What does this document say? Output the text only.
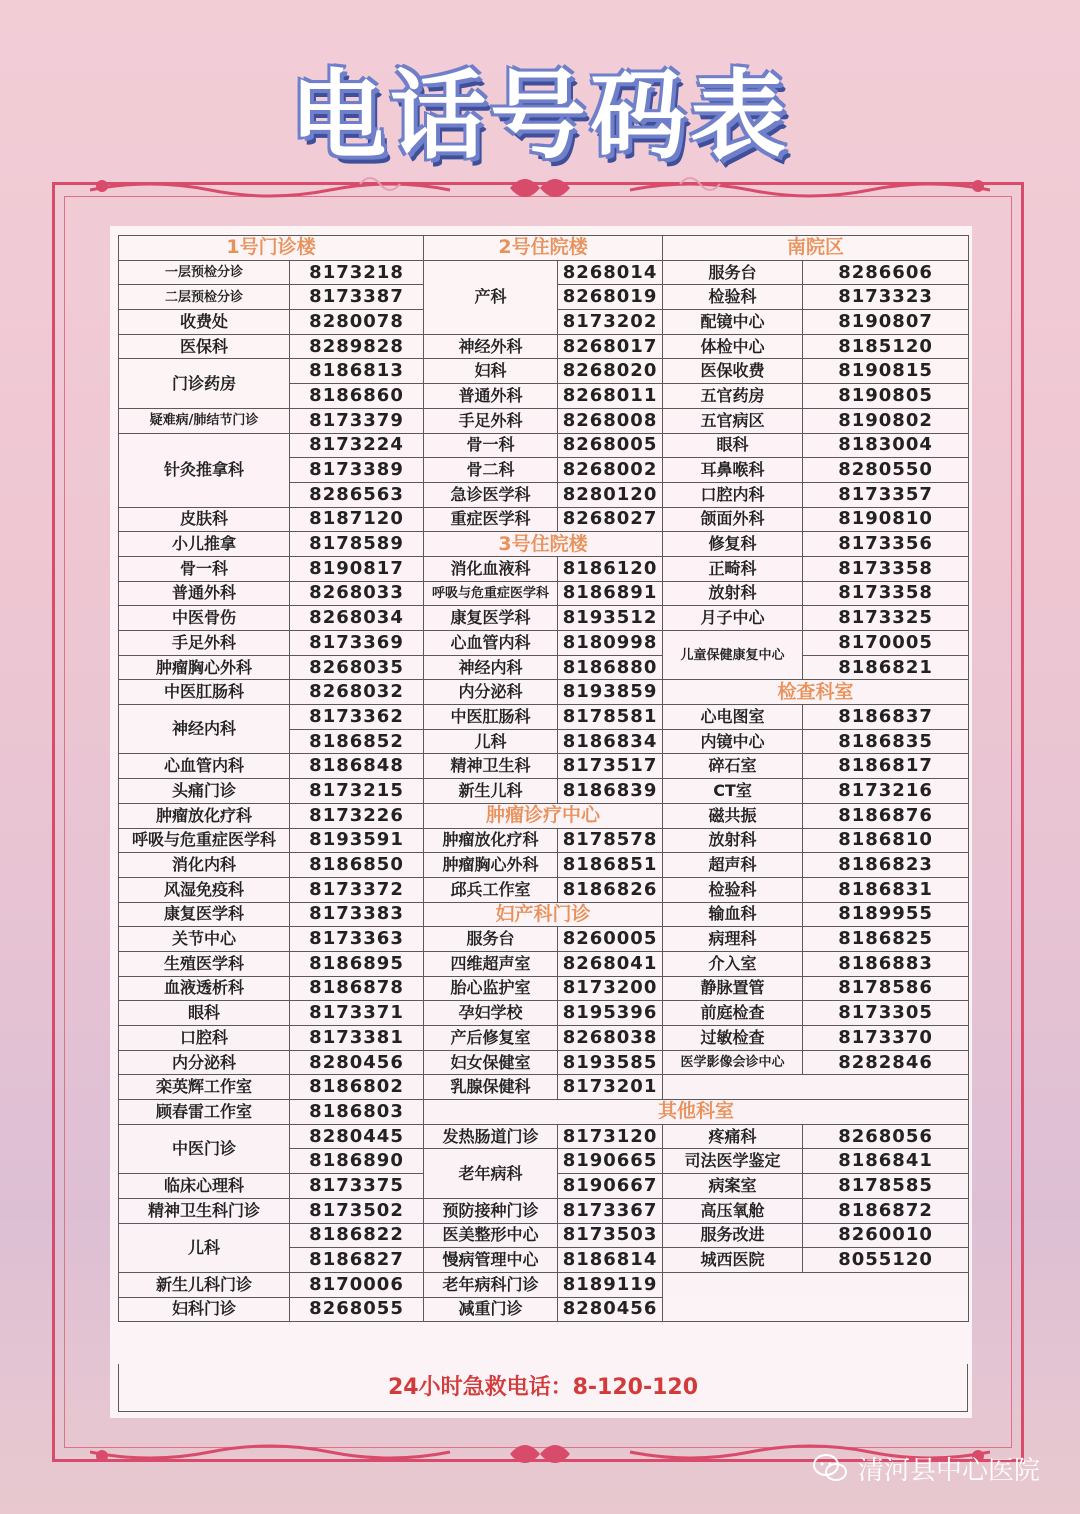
电话号码表
1号门诊楼		2号住院楼		南院区	
一层预检分诊	8173218	产科	8268014	服务台	8286606
二层预检分诊	8173387		8268019	检验科	8173323
收费处	8280078		8173202	配镜中心	8190807
医保科	8289828	神经外科	8268017	体检中心	8185120
门诊药房	8186813	妇科	8268020	医保收费	8190815
	8186860	普通外科	8268011	五官药房	8190805
疑难病/肺结节门诊	8173379	手足外科	8268008	五官病区	8190802
针灸推拿科	8173224	骨一科	8268005	眼科	8183004
	8173389	骨二科	8268002	耳鼻喉科	8280550
	8286563	急诊医学科	8280120	口腔内科	8173357
皮肤科	8187120	重症医学科	8268027	颌面外科	8190810
小儿推拿	8178589	3号住院楼		修复科	8173356
骨一科	8190817	消化血液科	8186120	正畸科	8173358
普通外科	8268033	呼吸与危重症医学科	8186891	放射科	8173358
中医骨伤	8268034	康复医学科	8193512	月子中心	8173325
手足外科	8173369	心血管内科	8180998	儿童保健康复中心	8170005
肿瘤胸心外科	8268035	神经内科	8186880		8186821
中医肛肠科	8268032	内分泌科	8193859	检查科室	
神经内科	8173362	中医肛肠科	8178581	心电图室	8186837
	8186852	儿科	8186834	内镜中心	8186835
心血管内科	8186848	精神卫生科	8173517	碎石室	8186817
头痛门诊	8173215	新生儿科	8186839	CT室	8173216
肿瘤放化疗科	8173226	肿瘤诊疗中心		磁共振	8186876
呼吸与危重症医学科	8193591	肿瘤放化疗科	8178578	放射科	8186810
消化内科	8186850	肿瘤胸心外科	8186851	超声科	8186823
风湿免疫科	8173372	邱兵工作室	8186826	检验科	8186831
康复医学科	8173383	妇产科门诊		输血科	8189955
关节中心	8173363	服务台	8260005	病理科	8186825
生殖医学科	8186895	四维超声室	8268041	介入室	8186883
血液透析科	8186878	胎心监护室	8173200	静脉置管	8178586
眼科	8173371	孕妇学校	8195396	前庭检查	8173305
口腔科	8173381	产后修复室	8268038	过敏检查	8173370
内分泌科	8280456	妇女保健室	8193585	医学影像会诊中心	8282846
栾英辉工作室	8186802	乳腺保健科	8173201		
顾春雷工作室	8186803	其他科室			
中医门诊	8280445	发热肠道门诊	8173120	疼痛科	8268056
	8186890	老年病科	8190665	司法医学鉴定	8186841
临床心理科	8173375		8190667	病案室	8178585
精神卫生科门诊	8173502	预防接种门诊	8173367	高压氧舱	8186872
儿科	8186822	医美整形中心	8173503	服务改进	8260010
	8186827	慢病管理中心	8186814	城西医院	8055120
新生儿科门诊	8170006	老年病科门诊	8189119		
妇科门诊	8268055	减重门诊	8280456		
24小时急救电话：8-120-120
清河县中心医院
